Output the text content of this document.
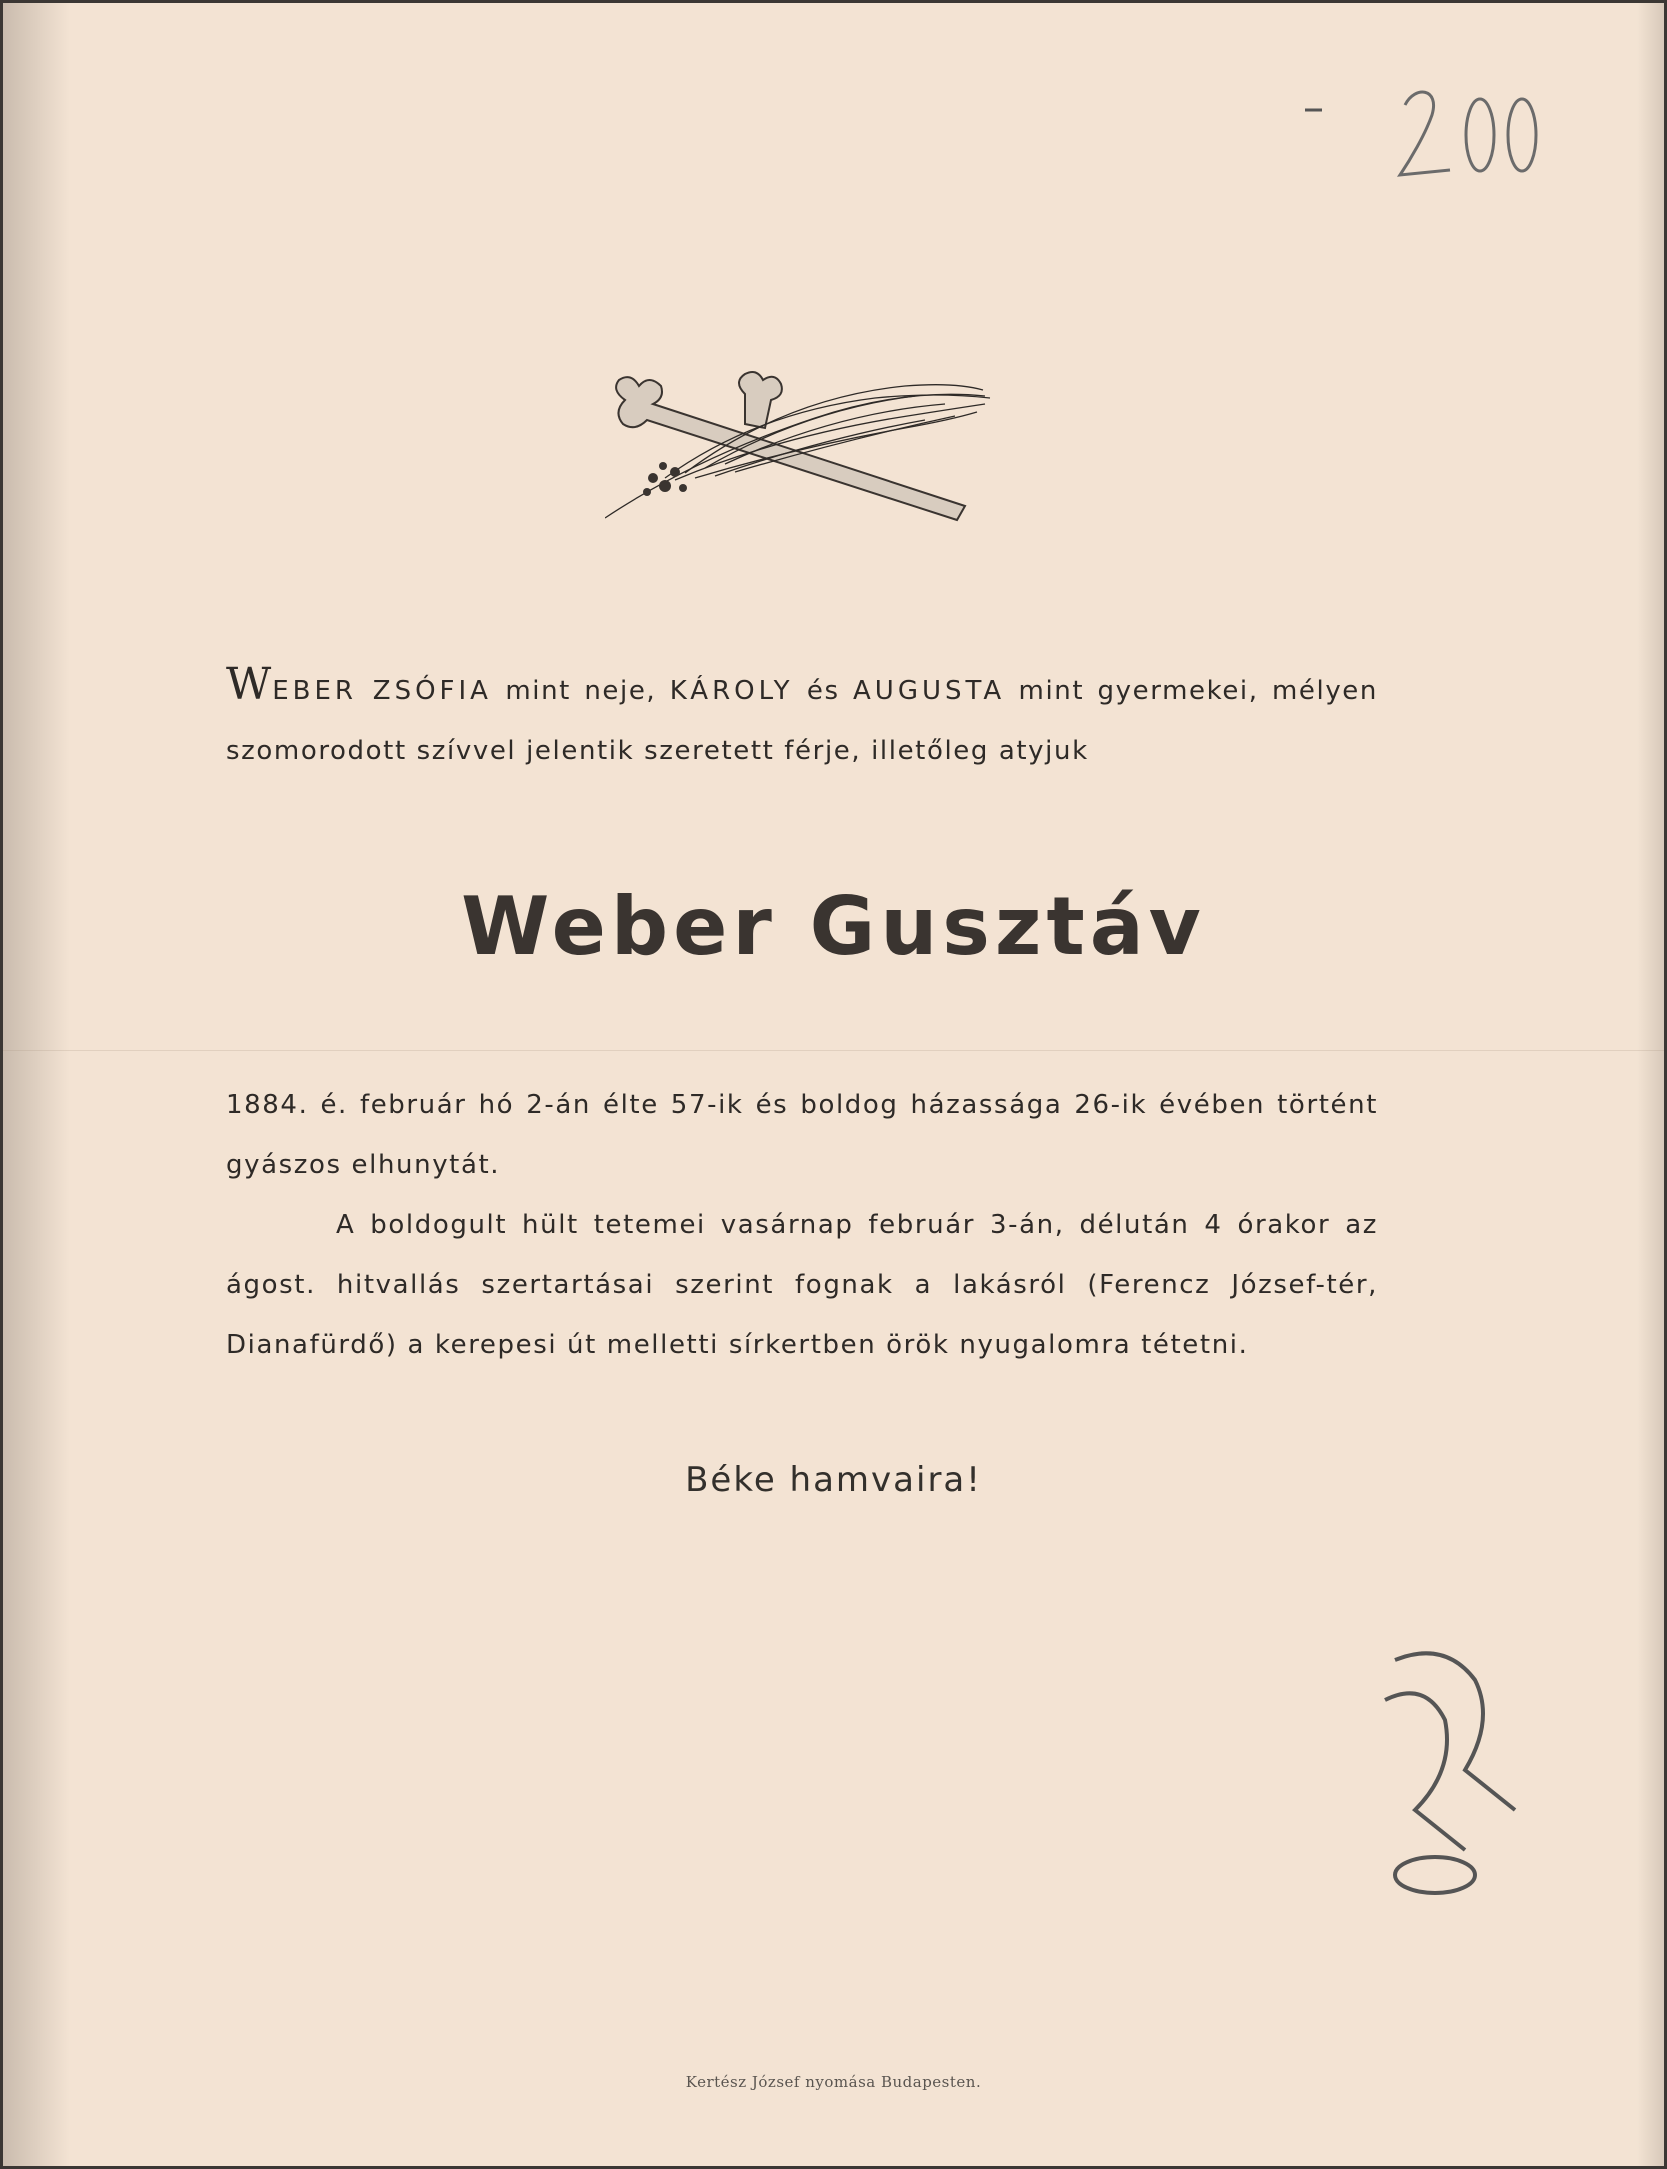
WEBER ZSÓFIA mint neje, KÁROLY és AUGUSTA mint gyermekei, mélyen szomorodott szívvel jelentik szeretett férje, illetőleg atyjuk

Weber Gusztáv

1884. é. február hó 2-án élte 57-ik és boldog házassága 26-ik évében történt gyászos elhunytát.
A boldogult hült tetemei vasárnap február 3-án, délután 4 órakor az ágost. hitvallás szertartásai szerint fognak a lakásról (Ferencz József-tér, Dianafürdő) a kerepesi út melletti sírkertben örök nyugalomra tétetni.

Béke hamvaira!

Kertész József nyomása Budapesten.
